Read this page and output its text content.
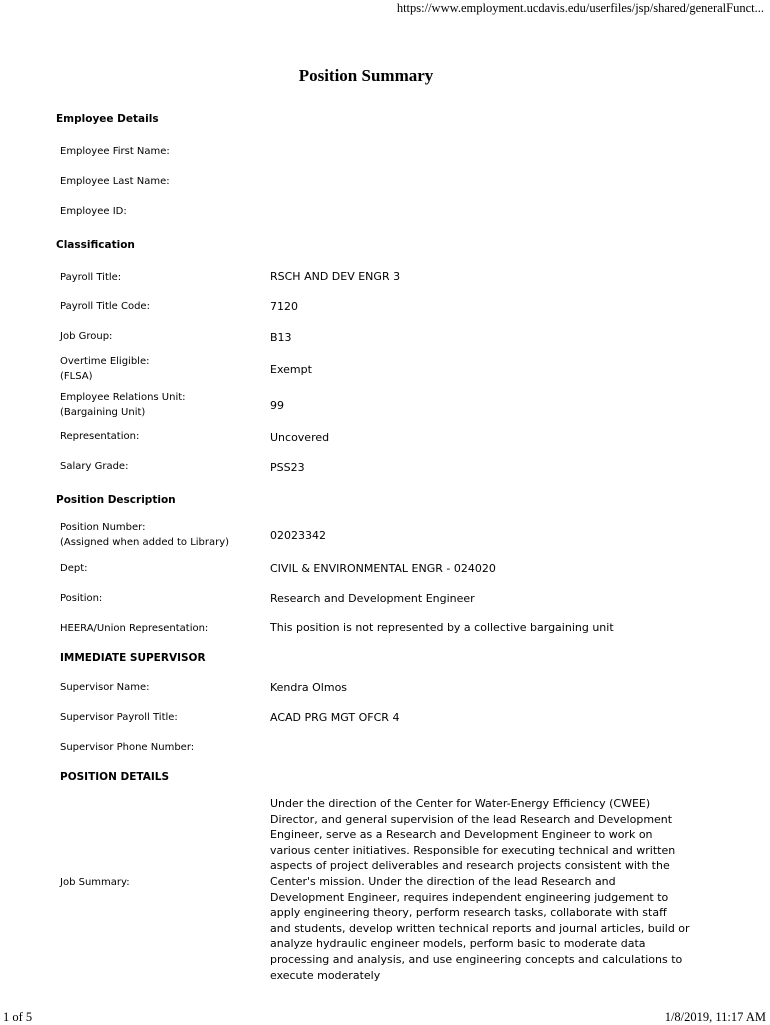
https://www.employment.ucdavis.edu/userfiles/jsp/shared/generalFunct...
Position Summary
Employee Details
Employee First Name:
Employee Last Name:
Employee ID:
Classification
Payroll Title:	RSCH AND DEV ENGR 3
Payroll Title Code:	7120
Job Group:	B13
Overtime Eligible:
(FLSA)	Exempt
Employee Relations Unit:
(Bargaining Unit)	99
Representation:	Uncovered
Salary Grade:	PSS23
Position Description
Position Number:
(Assigned when added to Library)	02023342
Dept:	CIVIL & ENVIRONMENTAL ENGR - 024020
Position:	Research and Development Engineer
HEERA/Union Representation:	This position is not represented by a collective bargaining unit
IMMEDIATE SUPERVISOR
Supervisor Name:	Kendra Olmos
Supervisor Payroll Title:	ACAD PRG MGT OFCR 4
Supervisor Phone Number:
POSITION DETAILS
Job Summary:
Under the direction of the Center for Water-Energy Efficiency (CWEE) Director, and general supervision of the lead Research and Development Engineer, serve as a Research and Development Engineer to work on various center initiatives. Responsible for executing technical and written aspects of project deliverables and research projects consistent with the Center's mission. Under the direction of the lead Research and Development Engineer, requires independent engineering judgement to apply engineering theory, perform research tasks, collaborate with staff and students, develop written technical reports and journal articles, build or analyze hydraulic engineer models, perform basic to moderate data processing and analysis, and use engineering concepts and calculations to execute moderately
1 of 5	1/8/2019, 11:17 AM
